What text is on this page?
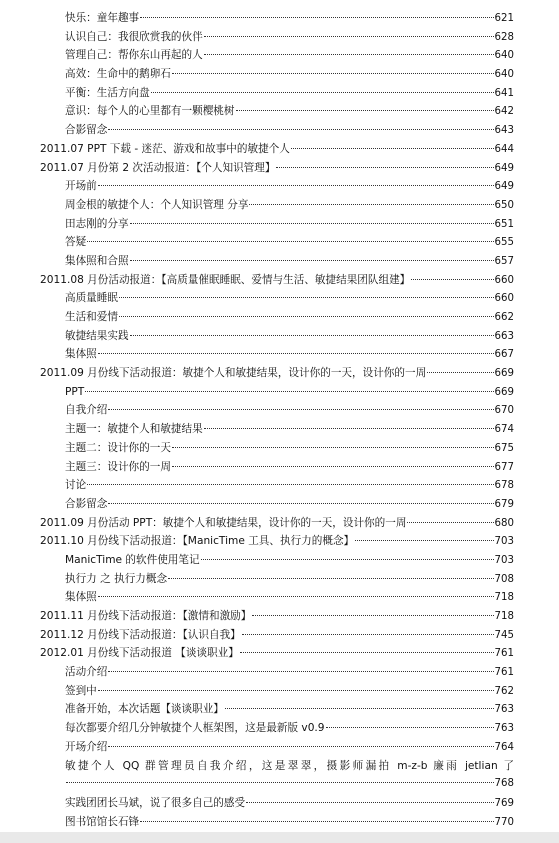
快乐：童年趣事	621
认识自己：我很欣赏我的伙伴	628
管理自己：帮你东山再起的人	640
高效：生命中的鹅卵石	640
平衡：生活方向盘	641
意识：每个人的心里都有一颗樱桃树	642
合影留念	643
2011.07 PPT 下载 - 迷茫、游戏和故事中的敏捷个人	644
2011.07 月份第 2 次活动报道：【个人知识管理】	649
开场前	649
周金根的敏捷个人：个人知识管理 分享	650
田志刚的分享	651
答疑	655
集体照和合照	657
2011.08 月份活动报道：【高质量催眠睡眠、爱情与生活、敏捷结果团队组建】	660
高质量睡眠	660
生活和爱情	662
敏捷结果实践	663
集体照	667
2011.09 月份线下活动报道：敏捷个人和敏捷结果，设计你的一天，设计你的一周	669
PPT	669
自我介绍	670
主题一：敏捷个人和敏捷结果	674
主题二：设计你的一天	675
主题三：设计你的一周	677
讨论	678
合影留念	679
2011.09 月份活动 PPT：敏捷个人和敏捷结果，设计你的一天，设计你的一周	680
2011.10 月份线下活动报道：【ManicTime 工具、执行力的概念】	703
ManicTime 的软件使用笔记	703
执行力 之 执行力概念	708
集体照	718
2011.11 月份线下活动报道：【激情和激励】	718
2011.12 月份线下活动报道：【认识自我】	745
2012.01 月份线下活动报道 【谈谈职业】	761
活动介绍	761
签到中	762
准备开始，本次话题【谈谈职业】	763
每次都要介绍几分钟敏捷个人框架图，这是最新版 v0.9	763
开场介绍	764
敏捷个人 QQ 群管理员自我介绍，这是翠翠，摄影师漏拍 m-z-b 廉雨 jetlian 了
768
实践团团长马斌，说了很多自己的感受	769
图书馆馆长石锋	770
